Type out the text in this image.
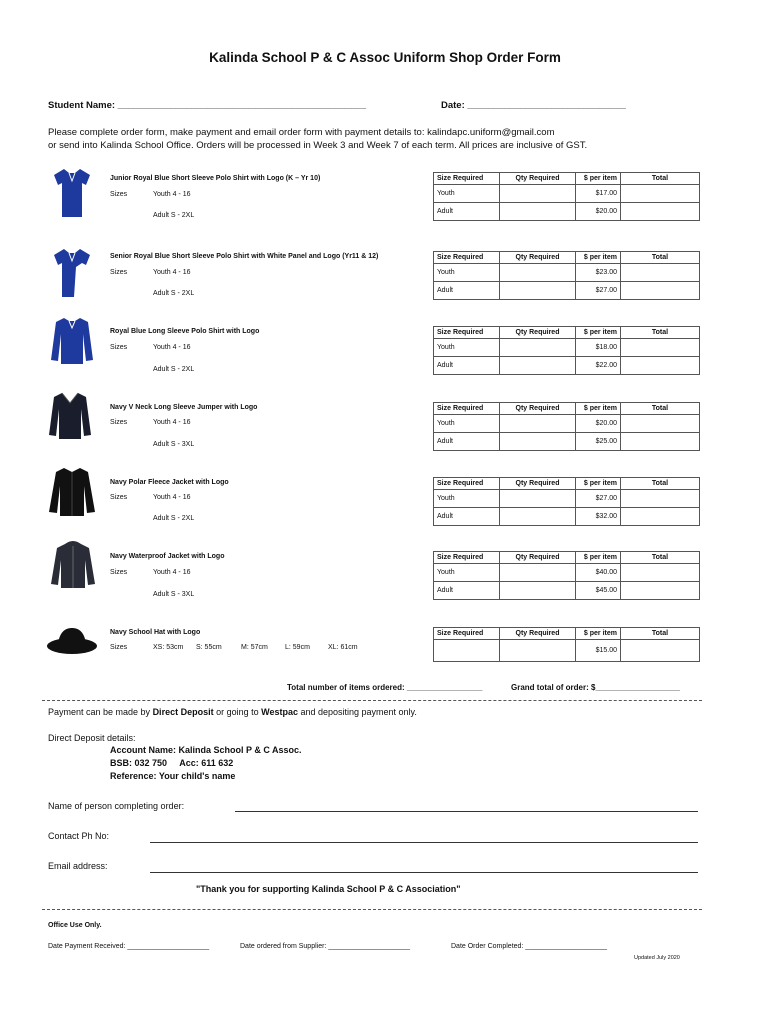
Kalinda School P & C Assoc Uniform Shop Order Form
Student Name: _______________________________________________	Date: ______________________________
Please complete order form, make payment and email order form with payment details to: kalindapc.uniform@gmail.com
or send into Kalinda School Office. Orders will be processed in Week 3 and Week 7 of each term. All prices are inclusive of GST.
Junior Royal Blue Short Sleeve Polo Shirt with Logo (K – Yr 10)
Sizes	Youth 4 - 16
Adult S - 2XL
Size Required	Qty Required	$ per item	Total
Youth		$17.00	
Adult		$20.00	
Senior Royal Blue Short Sleeve Polo Shirt with White Panel and Logo (Yr11 & 12)
Sizes	Youth 4 - 16
Adult S - 2XL
Size Required	Qty Required	$ per item	Total
Youth		$23.00	
Adult		$27.00	
Royal Blue Long Sleeve Polo Shirt with Logo
Sizes	Youth 4 - 16
Adult S - 2XL
Size Required	Qty Required	$ per item	Total
Youth		$18.00	
Adult		$22.00	
Navy V Neck Long Sleeve Jumper with Logo
Sizes	Youth 4 - 16
Adult S - 3XL
Size Required	Qty Required	$ per item	Total
Youth		$20.00	
Adult		$25.00	
Navy Polar Fleece Jacket with Logo
Sizes	Youth 4 - 16
Adult S - 2XL
Size Required	Qty Required	$ per item	Total
Youth		$27.00	
Adult		$32.00	
Navy Waterproof Jacket with Logo
Sizes	Youth 4 - 16
Adult S - 3XL
Size Required	Qty Required	$ per item	Total
Youth		$40.00	
Adult		$45.00	
Navy School Hat with Logo
Sizes	XS: 53cm S: 55cm	M: 57cm L: 59cm	XL: 61cm
Size Required	Qty Required	$ per item	Total
		$15.00	
Total number of items ordered: _________________	Grand total of order: $___________________
Payment can be made by Direct Deposit or going to Westpac and depositing payment only.
Direct Deposit details:
Account Name: Kalinda School P & C Assoc.
BSB: 032 750     Acc: 611 632
Reference: Your child's name
Name of person completing order:
Contact Ph No:
Email address:
"Thank you for supporting Kalinda School P & C Association"
Office Use Only.
Date Payment Received: _____________________	Date ordered from Supplier: _____________________	Date Order Completed: _____________________
Updated July 2020
